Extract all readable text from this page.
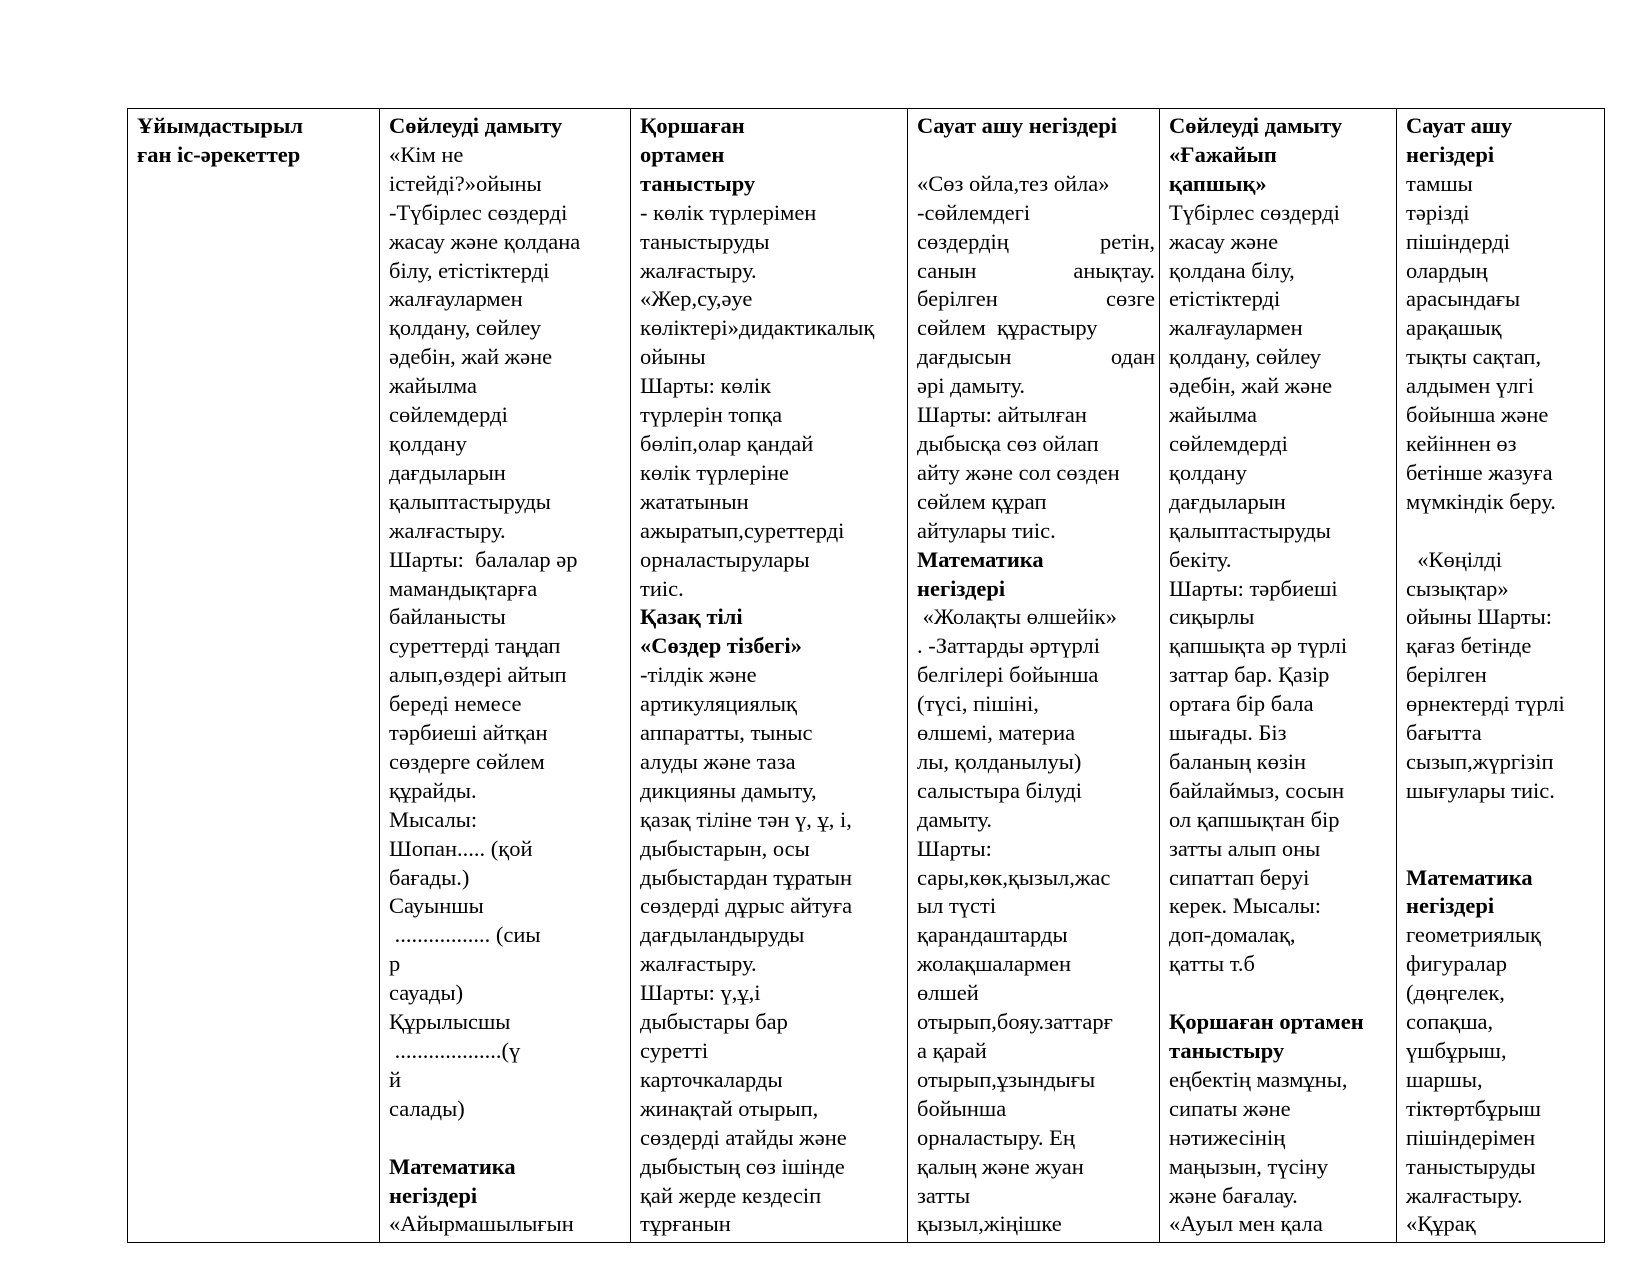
Ұйымдастырыл
ған іс-әрекеттер

Сөйлеуді дамыту
«Кім не
істейді?»ойыны
-Түбірлес сөздерді
жасау және қолдана
білу, етістіктерді
жалғаулармен
қолдану, сөйлеу
әдебін, жай және
жайылма
сөйлемдерді
қолдану
дағдыларын
қалыптастыруды
жалғастыру.
Шарты:  балалар әр
мамандықтарға
байланысты
суреттерді таңдап
алып,өздері айтып
береді немесе
тәрбиеші айтқан
сөздерге сөйлем
құрайды.
Мысалы:
Шопан..... (қой
бағады.)
Сауыншы
................. (сиы
р
сауады)
Құрылысшы
...................(ү
й
салады)

Математика
негіздері
«Айырмашылығын

Қоршаған
ортамен
таныстыру
- көлік түрлерімен
таныстыруды
жалғастыру.
«Жер,су,әуе
көліктері»дидактикалық
ойыны
Шарты: көлік
түрлерін топқа
бөліп,олар қандай
көлік түрлеріне
жататынын
ажыратып,суреттерді
орналастырулары
тиіс.
Қазақ тілі
«Сөздер тізбегі»
-тілдік және
артикуляциялық
аппаратты, тыныс
алуды және таза
дикцияны дамыту,
қазақ тіліне тән ү, ұ, і,
дыбыстарын, осы
дыбыстардан тұратын
сөздерді дұрыс айтуға
дағдыландыруды
жалғастыру.
Шарты: ү,ұ,і
дыбыстары бар
суретті
карточкаларды
жинақтай отырып,
сөздерді атайды және
дыбыстың сөз ішінде
қай жерде кездесіп
тұрғанын

Сауат ашу негіздері

«Сөз ойла,тез ойла»
-сөйлемдегі
сөздердің	ретін,
санын	анықтау.
берілген	сөзге
сөйлем  құрастыру
дағдысын	одан
әрі дамыту.
Шарты: айтылған
дыбысқа сөз ойлап
айту және сол сөзден
сөйлем құрап
айтулары тиіс.
Математика
негіздері
«Жолақты өлшейік»
. -Заттарды әртүрлі
белгілері бойынша
(түсі, пішіні,
өлшемі, материа
лы, қолданылуы)
салыстыра білуді
дамыту.
Шарты:
сары,көк,қызыл,жас
ыл түсті
қарандаштарды
жолақшалармен
өлшей
отырып,бояу.заттарғ
а қарай
отырып,ұзындығы
бойынша
орналастыру. Ең
қалың және жуан
затты
қызыл,жіңішке

Сөйлеуді дамыту
«Ғажайып
қапшық»
Түбірлес сөздерді
жасау және
қолдана білу,
етістіктерді
жалғаулармен
қолдану, сөйлеу
әдебін, жай және
жайылма
сөйлемдерді
қолдану
дағдыларын
қалыптастыруды
бекіту.
Шарты: тәрбиеші
сиқырлы
қапшықта әр түрлі
заттар бар. Қазір
ортаға бір бала
шығады. Біз
баланың көзін
байлаймыз, сосын
ол қапшықтан бір
затты алып оны
сипаттап беруі
керек. Мысалы:
доп-домалақ,
қатты т.б

Қоршаған ортамен
таныстыру
еңбектің мазмұны,
сипаты және
нәтижесінің
маңызын, түсіну
және бағалау.
«Ауыл мен қала

Сауат ашу
негіздері
тамшы
тәрізді
пішіндерді
олардың
арасындағы
арақашық
тықты сақтап,
алдымен үлгі
бойынша және
кейіннен өз
бетінше жазуға
мүмкіндік беру.

«Көңілді
сызықтар»
ойыны Шарты:
қағаз бетінде
берілген
өрнектерді түрлі
бағытта
сызып,жүргізіп
шығулары тиіс.

Математика
негіздері
геометриялық
фигуралар
(дөңгелек,
сопақша,
үшбұрыш,
шаршы,
тіктөртбұрыш
пішіндерімен
таныстыруды
жалғастыру.
«Құрақ
